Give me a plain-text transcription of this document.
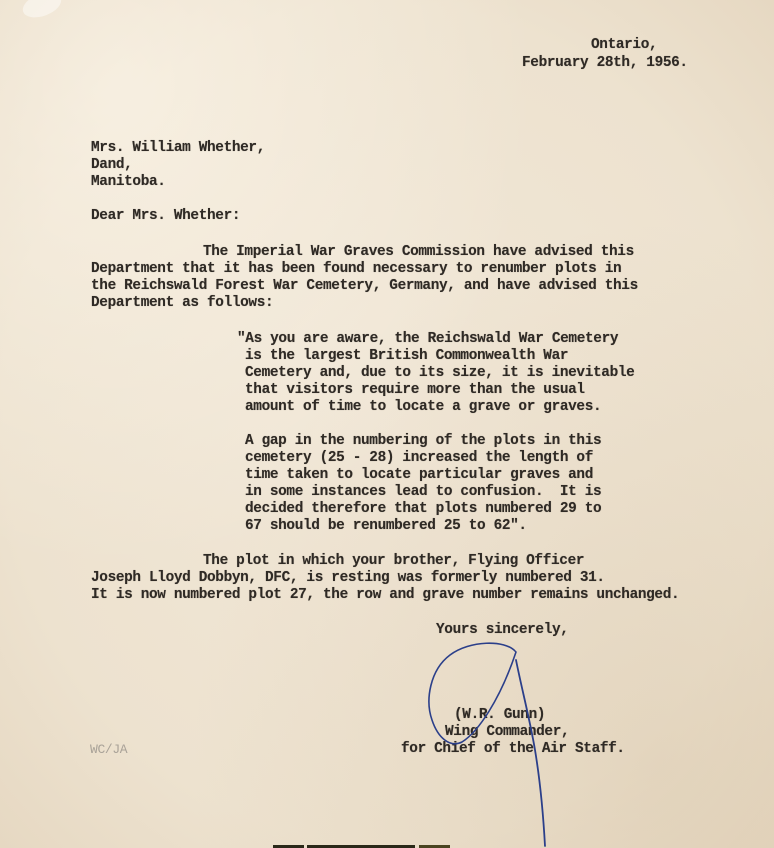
Ontario,
February 28th, 1956.
Mrs. William Whether,
Dand,
Manitoba.
Dear Mrs. Whether:
The Imperial War Graves Commission have advised this
Department that it has been found necessary to renumber plots in
the Reichswald Forest War Cemetery, Germany, and have advised this
Department as follows:
"As you are aware, the Reichswald War Cemetery
is the largest British Commonwealth War
Cemetery and, due to its size, it is inevitable
that visitors require more than the usual
amount of time to locate a grave or graves.
A gap in the numbering of the plots in this
cemetery (25 - 28) increased the length of
time taken to locate particular graves and
in some instances lead to confusion.  It is
decided therefore that plots numbered 29 to
67 should be renumbered 25 to 62".
The plot in which your brother, Flying Officer
Joseph Lloyd Dobbyn, DFC, is resting was formerly numbered 31.
It is now numbered plot 27, the row and grave number remains unchanged.
Yours sincerely,
(W.R. Gunn)
Wing Commander,
for Chief of the Air Staff.
WC/JA
